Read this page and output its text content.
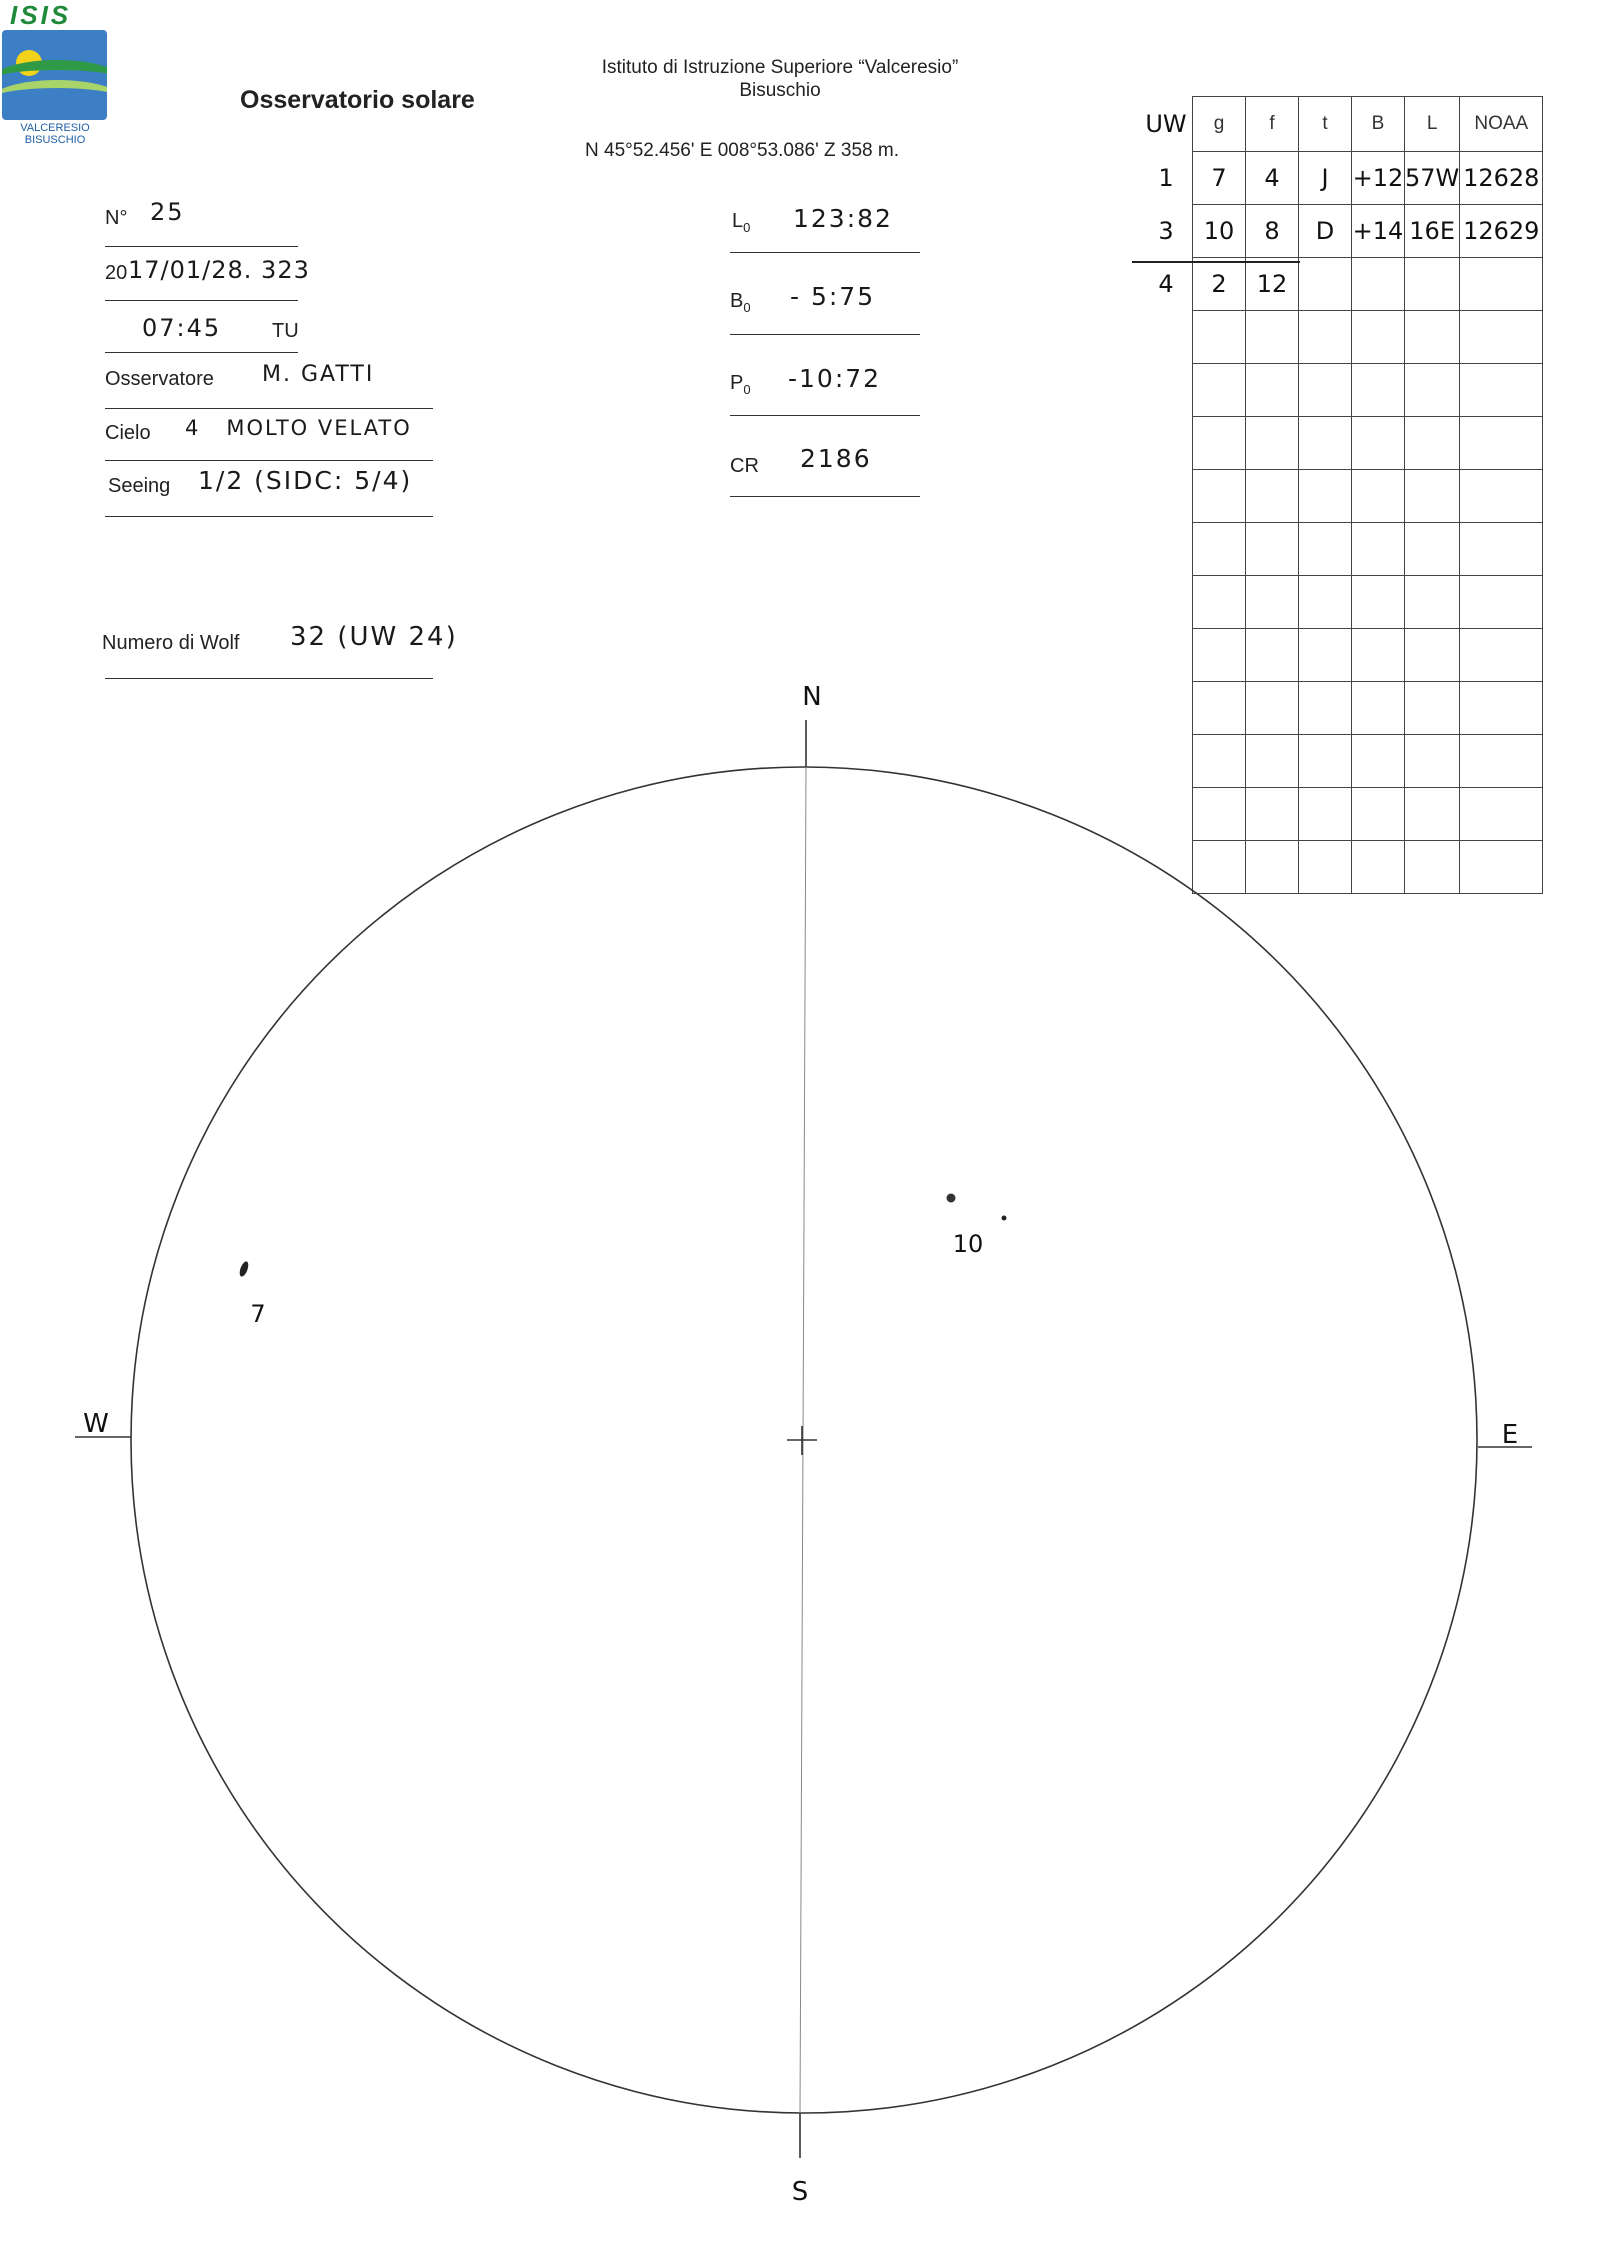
ISIS
VALCERESIO
BISUSCHIO
Osservatorio solare
Istituto di Istruzione Superiore “Valceresio”
Bisuschio
N 45°52.456' E 008°53.086' Z 358 m.
N° 25
20 17/01/28. 323
07:45	TU
Osservatore M. GATTI
Cielo 4   MOLTO VELATO
Seeing 1/2 (SIDC: 5/4)
Numero di Wolf 32 (UW 24)
$L_0$ 123:82
$B_0$ - 5:75
$P_0$ -10:72
CR 2186
UW	g	f	t	B	L	NOAA
1	7	4	J	+12	57W	12628
3	10	8	D	+14	16E	12629
4	2	12				

N
S
W	E
7
10
